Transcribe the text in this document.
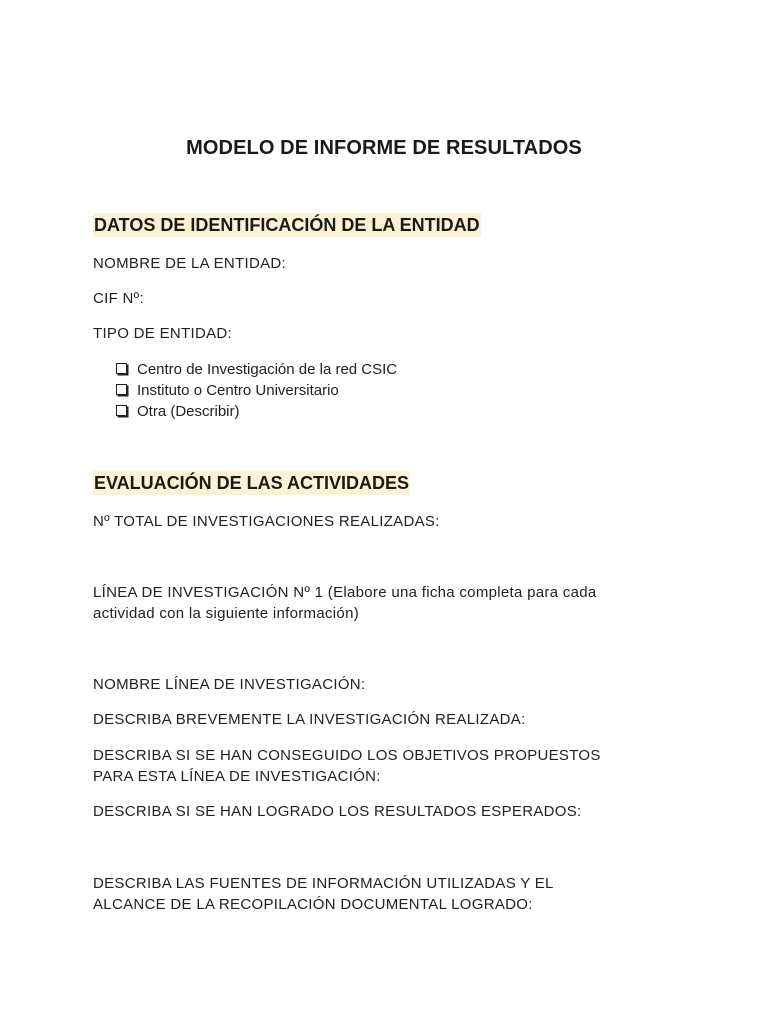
MODELO DE INFORME DE RESULTADOS
DATOS DE IDENTIFICACIÓN DE LA ENTIDAD
NOMBRE DE LA ENTIDAD:
CIF Nº:
TIPO DE ENTIDAD:
Centro de Investigación de la red CSIC
Instituto o Centro Universitario
Otra (Describir)
EVALUACIÓN DE LAS ACTIVIDADES
Nº TOTAL DE INVESTIGACIONES REALIZADAS:
LÍNEA DE INVESTIGACIÓN Nº 1 (Elabore una ficha completa para cada
actividad con la siguiente información)
NOMBRE LÍNEA DE INVESTIGACIÓN:
DESCRIBA BREVEMENTE LA INVESTIGACIÓN REALIZADA:
DESCRIBA SI SE HAN CONSEGUIDO LOS OBJETIVOS PROPUESTOS
PARA ESTA LÍNEA DE INVESTIGACIÓN:
DESCRIBA SI SE HAN LOGRADO LOS RESULTADOS ESPERADOS:
DESCRIBA LAS FUENTES DE INFORMACIÓN UTILIZADAS Y EL
ALCANCE DE LA RECOPILACIÓN DOCUMENTAL LOGRADO:
